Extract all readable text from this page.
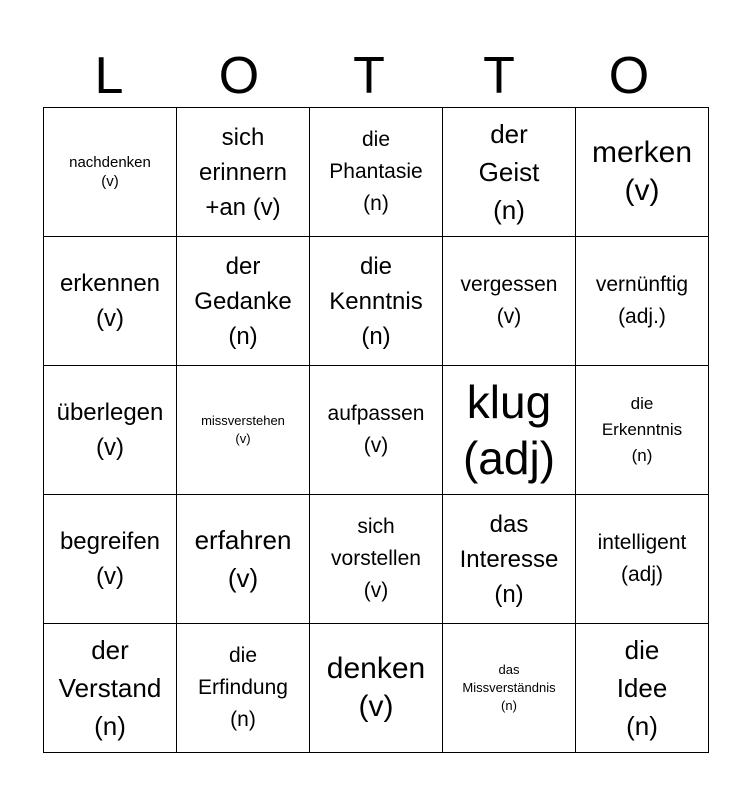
L	O	T	T	O
nachdenken
(v)	sich
erinnern
+an (v)	die
Phantasie
(n)	der
Geist
(n)	merken
(v)
erkennen
(v)	der
Gedanke
(n)	die
Kenntnis
(n)	vergessen
(v)	vernünftig
(adj.)
überlegen
(v)	missverstehen
(v)	aufpassen
(v)	klug
(adj)	die
Erkenntnis
(n)
begreifen
(v)	erfahren
(v)	sich
vorstellen
(v)	das
Interesse
(n)	intelligent
(adj)
der
Verstand
(n)	die
Erfindung
(n)	denken
(v)	das
Missverständnis
(n)	die
Idee
(n)
